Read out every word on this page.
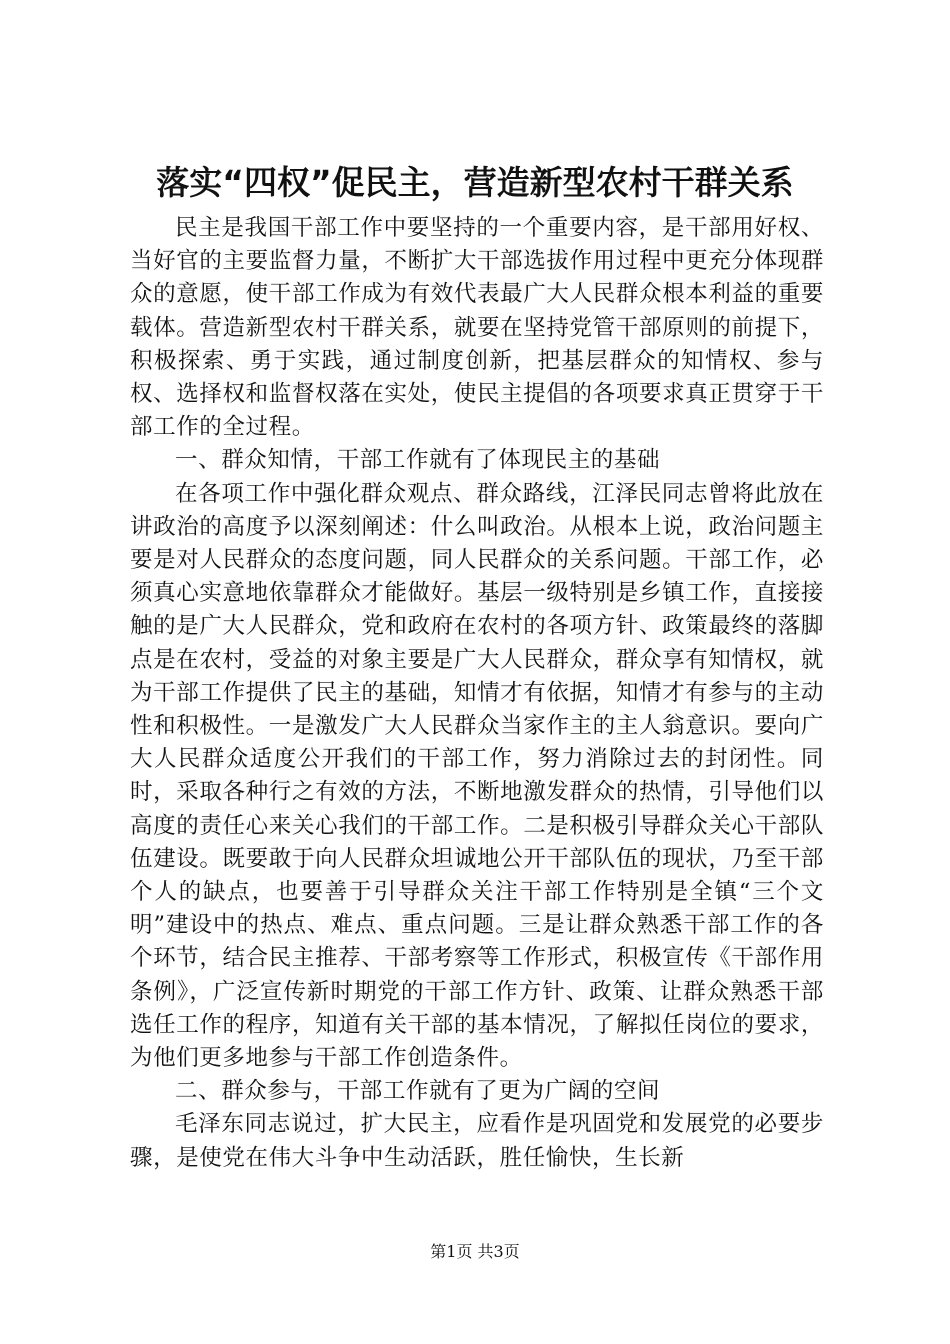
落实“四权”促民主，营造新型农村干群关系

民主是我国干部工作中要坚持的一个重要内容，是干部用好权、当好官的主要监督力量，不断扩大干部选拔作用过程中更充分体现群众的意愿，使干部工作成为有效代表最广大人民群众根本利益的重要载体。营造新型农村干群关系，就要在坚持党管干部原则的前提下，积极探索、勇于实践，通过制度创新，把基层群众的知情权、参与权、选择权和监督权落在实处，使民主提倡的各项要求真正贯穿于干部工作的全过程。

一、群众知情，干部工作就有了体现民主的基础

在各项工作中强化群众观点、群众路线，江泽民同志曾将此放在讲政治的高度予以深刻阐述：什么叫政治。从根本上说，政治问题主要是对人民群众的态度问题，同人民群众的关系问题。干部工作，必须真心实意地依靠群众才能做好。基层一级特别是乡镇工作，直接接触的是广大人民群众，党和政府在农村的各项方针、政策最终的落脚点是在农村，受益的对象主要是广大人民群众，群众享有知情权，就为干部工作提供了民主的基础，知情才有依据，知情才有参与的主动性和积极性。一是激发广大人民群众当家作主的主人翁意识。要向广大人民群众适度公开我们的干部工作，努力消除过去的封闭性。同时，采取各种行之有效的方法，不断地激发群众的热情，引导他们以高度的责任心来关心我们的干部工作。二是积极引导群众关心干部队伍建设。既要敢于向人民群众坦诚地公开干部队伍的现状，乃至干部个人的缺点，也要善于引导群众关注干部工作特别是全镇“三个文明”建设中的热点、难点、重点问题。三是让群众熟悉干部工作的各个环节，结合民主推荐、干部考察等工作形式，积极宣传《干部作用条例》，广泛宣传新时期党的干部工作方针、政策、让群众熟悉干部选任工作的程序，知道有关干部的基本情况，了解拟任岗位的要求，为他们更多地参与干部工作创造条件。

二、群众参与，干部工作就有了更为广阔的空间

毛泽东同志说过，扩大民主，应看作是巩固党和发展党的必要步骤，是使党在伟大斗争中生动活跃，胜任愉快，生长新

第1页 共3页
